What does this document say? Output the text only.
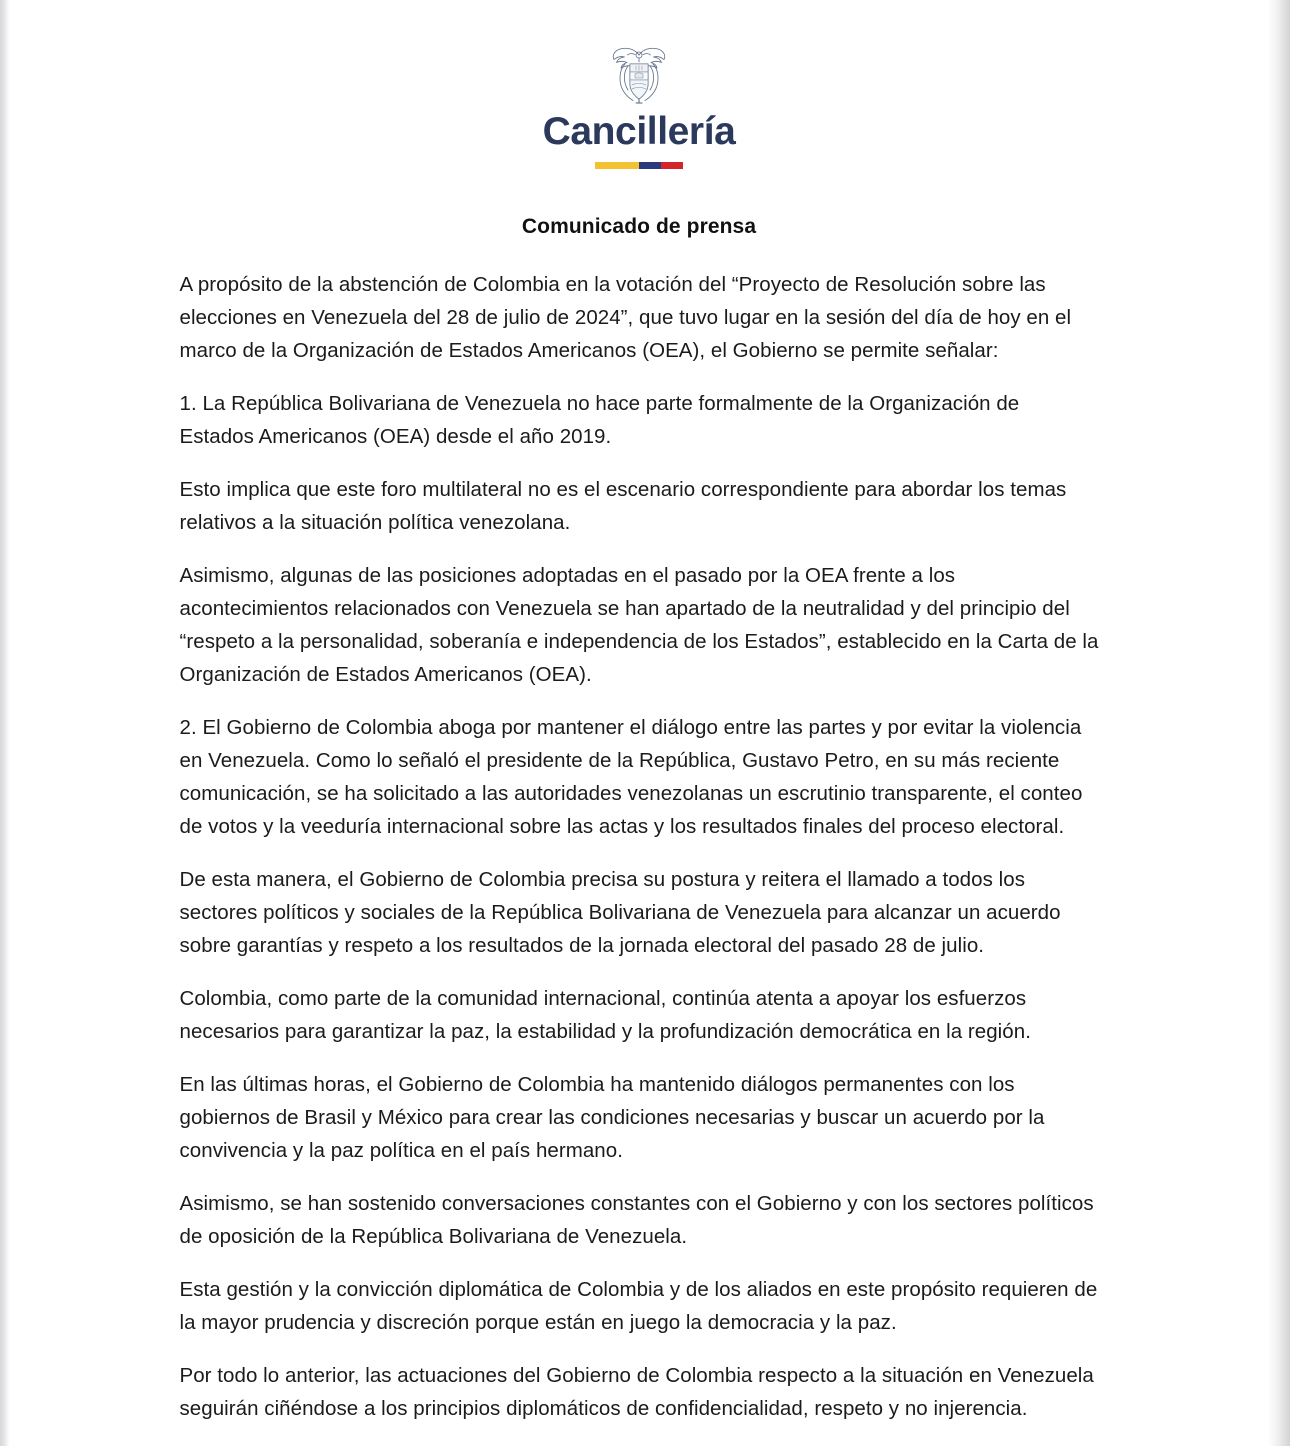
Cancillería
Comunicado de prensa

A propósito de la abstención de Colombia en la votación del “Proyecto de Resolución sobre las elecciones en Venezuela del 28 de julio de 2024”, que tuvo lugar en la sesión del día de hoy en el marco de la Organización de Estados Americanos (OEA), el Gobierno se permite señalar:

1. La República Bolivariana de Venezuela no hace parte formalmente de la Organización de Estados Americanos (OEA) desde el año 2019.

Esto implica que este foro multilateral no es el escenario correspondiente para abordar los temas relativos a la situación política venezolana.

Asimismo, algunas de las posiciones adoptadas en el pasado por la OEA frente a los acontecimientos relacionados con Venezuela se han apartado de la neutralidad y del principio del “respeto a la personalidad, soberanía e independencia de los Estados”, establecido en la Carta de la Organización de Estados Americanos (OEA).

2. El Gobierno de Colombia aboga por mantener el diálogo entre las partes y por evitar la violencia en Venezuela. Como lo señaló el presidente de la República, Gustavo Petro, en su más reciente comunicación, se ha solicitado a las autoridades venezolanas un escrutinio transparente, el conteo de votos y la veeduría internacional sobre las actas y los resultados finales del proceso electoral.

De esta manera, el Gobierno de Colombia precisa su postura y reitera el llamado a todos los sectores políticos y sociales de la República Bolivariana de Venezuela para alcanzar un acuerdo sobre garantías y respeto a los resultados de la jornada electoral del pasado 28 de julio.

Colombia, como parte de la comunidad internacional, continúa atenta a apoyar los esfuerzos necesarios para garantizar la paz, la estabilidad y la profundización democrática en la región.

En las últimas horas, el Gobierno de Colombia ha mantenido diálogos permanentes con los gobiernos de Brasil y México para crear las condiciones necesarias y buscar un acuerdo por la convivencia y la paz política en el país hermano.

Asimismo, se han sostenido conversaciones constantes con el Gobierno y con los sectores políticos de oposición de la República Bolivariana de Venezuela.

Esta gestión y la convicción diplomática de Colombia y de los aliados en este propósito requieren de la mayor prudencia y discreción porque están en juego la democracia y la paz.

Por todo lo anterior, las actuaciones del Gobierno de Colombia respecto a la situación en Venezuela seguirán ciñéndose a los principios diplomáticos de confidencialidad, respeto y no injerencia.
